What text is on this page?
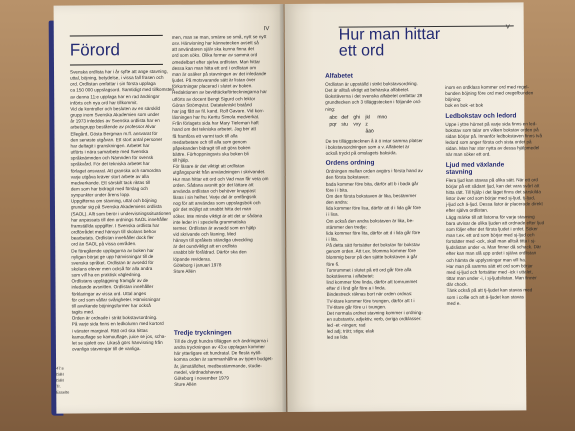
IV
Förord
Svenska ordlista har i år syfte att ange stavning,
uttal, böjning, betydelse, i vissa fall frasen och
ord. Ordlistan omfattar i sin första upplaga
ca 150 000 uppslagsord. Samtidigt med tillkomsten
av denna 11:e upplaga har en rad ändringar
införts och nya ord har tillkommit.
Vid de kontroller och besluten av en särskild
grupp inom Svenska Akademien som under
år 1973 inleddes av Svenska ordlista har en
arbetsgrupp bestående av professor Alvar
Ellegård, Gösta Bergman m.fl. ansvarat för
den senaste utgåvan. Ett stort antal personer
har deltagit i granskningen. Arbetet har
utförts i nära samarbete med Svenska
språknämnden och Nämnden för svensk
språkvård. För det tekniska arbetet har
förlaget ansvarat. Att granska och samordna
varje utgåva kräver stort arbete av alla
medverkande. Ett särskilt tack riktas till
dem som har bidragit med förslag och
synpunkter under årens lopp.
Uppgifterna om stavning, uttal och böjning
grundar sig på Svenska Akademiens ordlista
(SAOL). Allt som berör i undervisningssituationen
har anpassats till den ordnings SAOL innehåller
framställda uppgifter. I Svenska ordlista har
ordförrådet med hänsyn till skolans behov
bearbetats. Ordlistan innehåller dock fler
ord än SAOL på vissa områden.
De föregående upplagorna av boken har
nyligen börjat ge upp hänvisningar till de
svenska språket. Ordlistan är avsedd för
skolans elever men också för alla andra
som vill ha en praktisk vägledning.
Ordlistans uppläggning framgår av de
inledande avsnitten. Ordlistan innehåller
förklaringar av vissa ord. Uttal anges
för ord som vållar svårigheter. Hänvisningar
till avvikande böjningsformer har också
tagits med.
Orden är ordnade i strikt bokstavsordning.
På varje sida finns en ledkolumn med kortord
i vänster marginal. Rätt ord ska hittas
kamouflage se kamouflage, juice se jos, scha-
let se sjalett osv. Likaså görs hänvisning från
ovanliga stavningar till de vanliga.
men, man se man, smärre se små, nytt se nytt
osv. Hänvisning har kännetecken avsett så
att användaren själv ska kunna finna det
ord som söks. Olika former av samma ord
omedelbart efter sjelva ordlistan. Man hittar
dessa kan man hitta ett ord i ordlistan om
man är osäker på stavningen av det inledande
ljudet. På motsvarande sätt är listan över
förkortningar placerad i slutet av boken.
Redaktionen av bevidtäckeförteckningarna har
utförts av docent Bengt Sigurd och lektor
Göran Strömqvist. Datatekniskt bistånd
har jag fått av fil. kand. Rolf Gavare. Vid korr-
läsningen har fru Kerttu Simola medverkat.
Från förlagets sida har Mary Tieleman haft
hand om det tekniska arbetet. Jag ber att
få framföra ett varmt tack till alla
medarbetare och till alla som genom
påpekanden bidragit till att göra boken
bättre. Förhoppningsvis ska boken bli
till hjälp.
För läsare är det viktigt att ordlistan
utgångspunkt från användningen i skrivandet.
Hur man hittar ett ord och Vad man får veta om
orden. Sådana avsnitt gör det lättare att
använda ordlistan och behöver knappast
läsas i sin helhet. Varje del är omfångsrik
nog för att användas som uppslagsbok och
gör det möjligt att snabbt hitta det man
söker. Inte minde viktigt är att det ur sådana
inte leder in i speciella grammatiska
termer. Ordlistan är avsedd som en hjälp
vid skrivande och läsning. Med
hänsyn till språkets ständiga utveckling
är det oundvikligt att en ordlista
snabbt blir föråldrad. Därför ska den
löpande revideras.
Göteborg i januari 1978
Sture Allén
Tredje tryckningen
Till de drygt hundra tilläggen och ändringarna i
andra tryckningen av 43:e upplagan kommer
här ytterligare ett hundratal. De flesta nytill-
komna orden är sammanhållna av typen budget-
år, jämställdhet, medbestämmande, studie-
medel, värdnadshavare.
Göteborg i november 1979
Sture Allén
47:e
ISBI
ISBI
Tr.
Esselte
V
Hur man hittar
ett ord
Alfabetet
Ordlistan är uppställd i strikt bokstavsordning.
Det är alltså viktigt att behärska alfabetet.
Bokstäverna i det svenska alfabetet omfattar 28
grundtecken och 3 tilläggstecken i följande ord-
ning:
abc def	ghi	jkl	mno
pqr stu	vxy z åäö
De tre tilläggstecknen å ä ö intar samma platser
i bokstavsordningen som a v. Alfabetet är
också tryckt på omslagets baksida.
Ordens ordning
Ordningen mellan orden avgörs i första hand av
den första bokstaven:
bada kommer före bita, därför att b i bada går
före i i bita.
Om den första bokstaven är lika, bestämmer
den andra:
lida kommer före lisa, därför att d i lida går före
i i lisa.
Om också den andra bokstaven är lika, be-
stämmer den tredje:
lida kommer före lita, därför att d i lida går före
i i lita.
På detta sätt fortsätter det bokstav för bokstav
genom orden. Att t.ex. blomma kommer före
blommig beror på den sjätte bokstaven a går
före 6.
Tomrummet i slutet på ett ord går före alla
bokstäverna i alfabetet:
lind kommer före linda, därför att tomrummet
efter d i lind går före a i linda.
Bindestreck räknas bort när orden ordnas:
TV-titare kommer före tvungen, därför att t i
TV-titare går före u i tvungen.
Det normala ordnet stavning kommer i ordning-
en substantiv, adjektiv, verb, övriga ordklasser:
led -et -ningen; rad
led adj; trött; stiga; elak
led se lida
inom en ordklass kommer ord med regel-
bunden böjning före ord med oregelbunden
böjning:
bok en bok -et bok
Ledbokstav och ledord
Uppe i yttre hörnet på varje sida finns en led-
bokstav som talar om vilken bokstav orden på
sidan börjar på. Innanför ledbokstaven finns två
ledord som anger första och sista ordet på
sidan. Man har stor nytta av dessa hjälpmedel
när man söker ett ord.
Ljud med växlande stavning
Flera ljud kan stavas på olika sätt. När ett ord
börjar på ett sådant ljud, kan det vara svårt att
hitta rätt. Till hjälp i det läget finns det särskilda
listor över ord som börjar med sj-ljud, tj-ljud,
j-ljud och ä-ljud. Dessa listor är placerade direkt
efter själva ordlistan.
Lägg märke till att listorna för varje stavning
bara utvisar de olika ljuden att ordnade efter ljud
som följer efter det första ljudet i ordet. Söker
man t.ex. ett ord som börjar med sj-ljud och
fortsätter med -ock, skall man alltså titta i sj-
ljudslistan under -a. Man finner då schack. Där
efter kan man slå upp ordet i själva ordlistan
och hämta de upplysningar man vill ha.
Har man på samma sätt ett ord som börjar
med sj-ljud och fortsätter med -ick i uttalet,
tittar man under -i, i sj-ljudslistan. Man finner
där chock.
Tänk också på att tj-ljudet kan stavas med
som i collie och att ä-ljudet kan stavas
med e.
